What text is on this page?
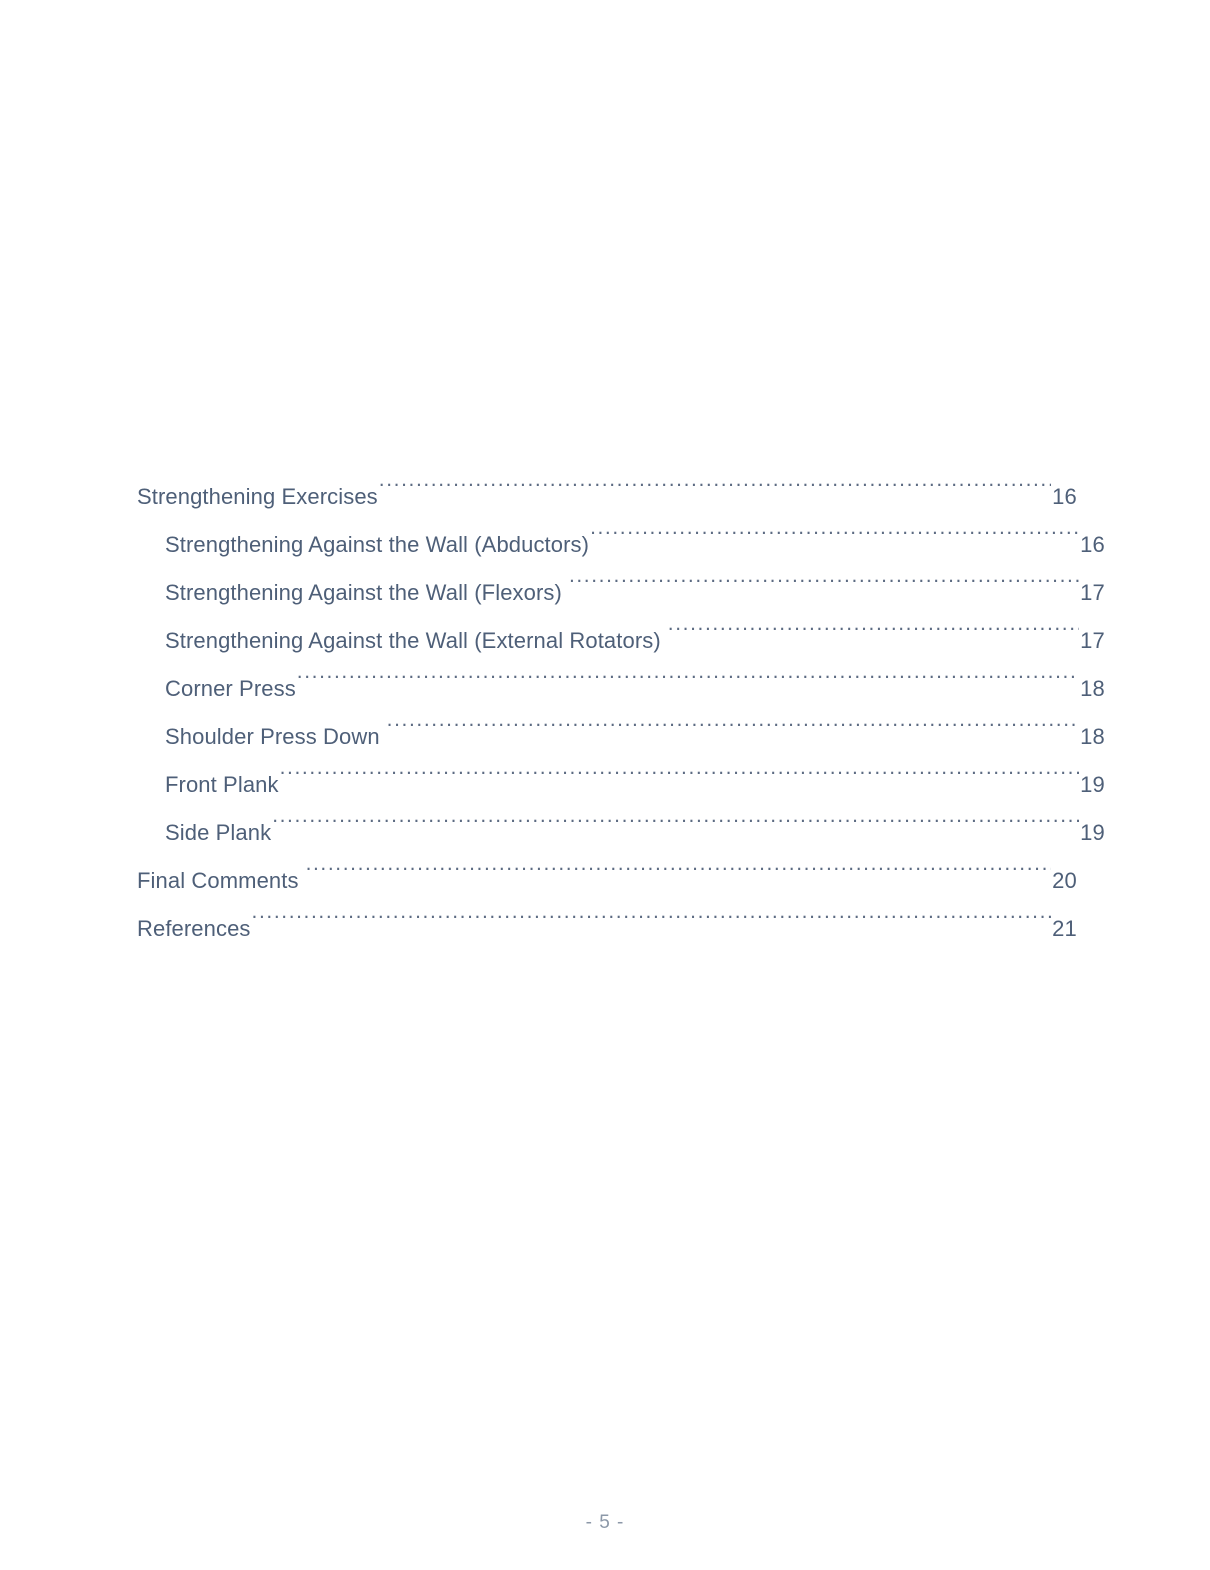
Strengthening Exercises .....	16
Strengthening Against the Wall (Abductors) .....	16
Strengthening Against the Wall (Flexors) .....	17
Strengthening Against the Wall (External Rotators) .....	17
Corner Press .....	18
Shoulder Press Down .....	18
Front Plank .....	19
Side Plank .....	19
Final Comments .....	20
References .....	21
- 5 -
